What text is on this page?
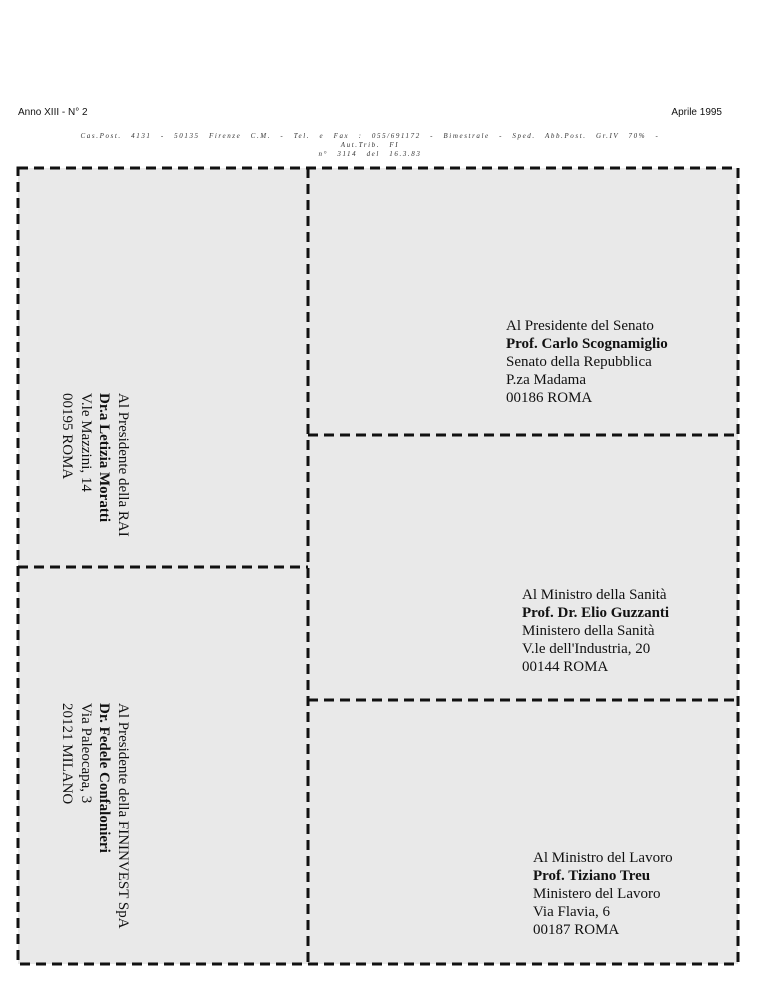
Anno XIII - N° 2	Aprile 1995
Cas.Post. 4131 - 50135 Firenze C.M. - Tel. e Fax : 055/691172 - Bimestrale - Sped. Abb.Post. Gr.IV 70% - Aut.Trib. FI
n° 3114 del 16.3.83
Al Presidente della RAI
Dr.a Letizia Moratti
V.le Mazzini, 14
00195 ROMA
Al Presidente della FININVEST SpA
Dr. Fedele Confalonieri
Via Paleocapa, 3
20121 MILANO
Al Presidente del Senato
Prof. Carlo Scognamiglio
Senato della Repubblica
P.za Madama
00186 ROMA
Al Ministro della Sanità
Prof. Dr. Elio Guzzanti
Ministero della Sanità
V.le dell'Industria, 20
00144 ROMA
Al Ministro del Lavoro
Prof. Tiziano Treu
Ministero del Lavoro
Via Flavia, 6
00187 ROMA
